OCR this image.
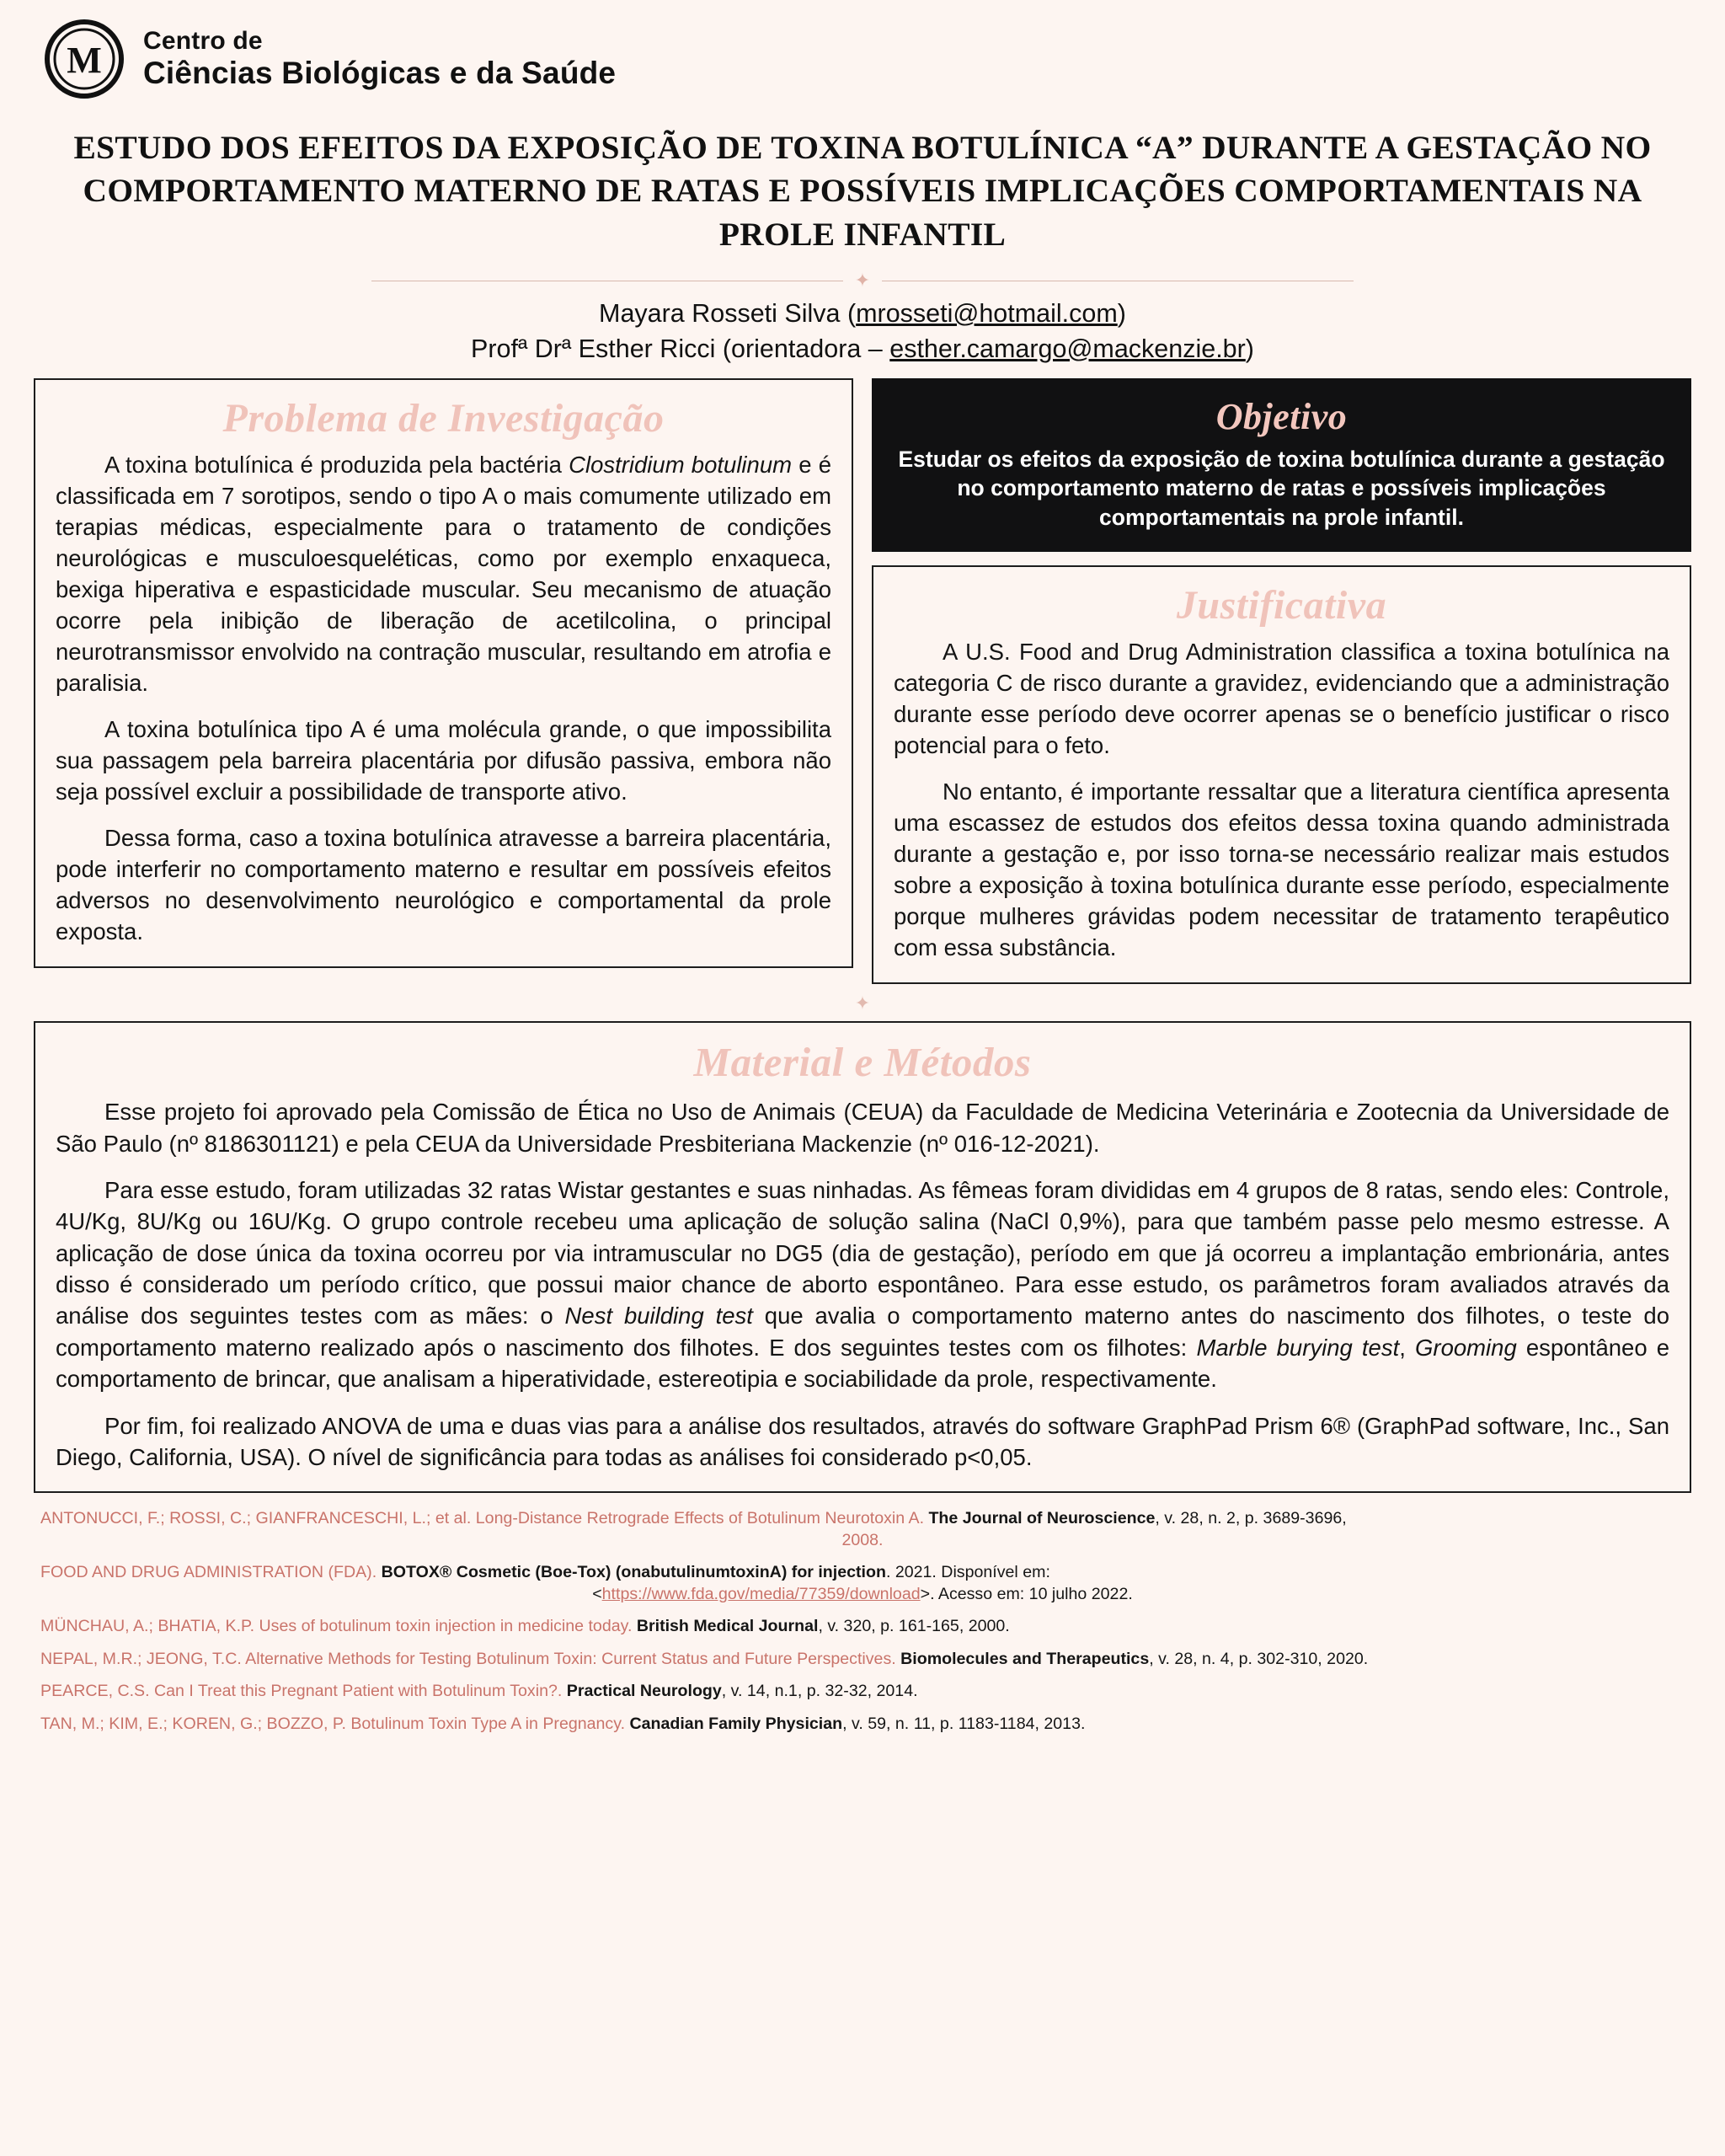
M Centro de
Ciências Biológicas e da Saúde
ESTUDO DOS EFEITOS DA EXPOSIÇÃO DE TOXINA BOTULÍNICA “A” DURANTE A GESTAÇÃO NO COMPORTAMENTO MATERNO DE RATAS E POSSÍVEIS IMPLICAÇÕES COMPORTAMENTAIS NA PROLE INFANTIL
✦
Mayara Rosseti Silva (mrosseti@hotmail.com)
Profª Drª Esther Ricci (orientadora – esther.camargo@mackenzie.br)
Problema de Investigação

A toxina botulínica é produzida pela bactéria Clostridium botulinum e é classificada em 7 sorotipos, sendo o tipo A o mais comumente utilizado em terapias médicas, especialmente para o tratamento de condições neurológicas e musculoesqueléticas, como por exemplo enxaqueca, bexiga hiperativa e espasticidade muscular. Seu mecanismo de atuação ocorre pela inibição de liberação de acetilcolina, o principal neurotransmissor envolvido na contração muscular, resultando em atrofia e paralisia.

A toxina botulínica tipo A é uma molécula grande, o que impossibilita sua passagem pela barreira placentária por difusão passiva, embora não seja possível excluir a possibilidade de transporte ativo.

Dessa forma, caso a toxina botulínica atravesse a barreira placentária, pode interferir no comportamento materno e resultar em possíveis efeitos adversos no desenvolvimento neurológico e comportamental da prole exposta.

Objetivo

Estudar os efeitos da exposição de toxina botulínica durante a gestação no comportamento materno de ratas e possíveis implicações comportamentais na prole infantil.

Justificativa

A U.S. Food and Drug Administration classifica a toxina botulínica na categoria C de risco durante a gravidez, evidenciando que a administração durante esse período deve ocorrer apenas se o benefício justificar o risco potencial para o feto.

No entanto, é importante ressaltar que a literatura científica apresenta uma escassez de estudos dos efeitos dessa toxina quando administrada durante a gestação e, por isso torna-se necessário realizar mais estudos sobre a exposição à toxina botulínica durante esse período, especialmente porque mulheres grávidas podem necessitar de tratamento terapêutico com essa substância.

✦
Material e Métodos

Esse projeto foi aprovado pela Comissão de Ética no Uso de Animais (CEUA) da Faculdade de Medicina Veterinária e Zootecnia da Universidade de São Paulo (nº 8186301121) e pela CEUA da Universidade Presbiteriana Mackenzie (nº 016-12-2021).

Para esse estudo, foram utilizadas 32 ratas Wistar gestantes e suas ninhadas. As fêmeas foram divididas em 4 grupos de 8 ratas, sendo eles: Controle, 4U/Kg, 8U/Kg ou 16U/Kg. O grupo controle recebeu uma aplicação de solução salina (NaCl 0,9%), para que também passe pelo mesmo estresse. A aplicação de dose única da toxina ocorreu por via intramuscular no DG5 (dia de gestação), período em que já ocorreu a implantação embrionária, antes disso é considerado um período crítico, que possui maior chance de aborto espontâneo. Para esse estudo, os parâmetros foram avaliados através da análise dos seguintes testes com as mães: o Nest building test que avalia o comportamento materno antes do nascimento dos filhotes, o teste do comportamento materno realizado após o nascimento dos filhotes. E dos seguintes testes com os filhotes: Marble burying test, Grooming espontâneo e comportamento de brincar, que analisam a hiperatividade, estereotipia e sociabilidade da prole, respectivamente.

Por fim, foi realizado ANOVA de uma e duas vias para a análise dos resultados, através do software GraphPad Prism 6® (GraphPad software, Inc., San Diego, California, USA). O nível de significância para todas as análises foi considerado p<0,05.

ANTONUCCI, F.; ROSSI, C.; GIANFRANCESCHI, L.; et al. Long-Distance Retrograde Effects of Botulinum Neurotoxin A. The Journal of Neuroscience, v. 28, n. 2, p. 3689-3696,
2008.
FOOD AND DRUG ADMINISTRATION (FDA). BOTOX® Cosmetic (Boe-Tox) (onabutulinumtoxinA) for injection. 2021. Disponível em:
<https://www.fda.gov/media/77359/download>. Acesso em: 10 julho 2022.
MÜNCHAU, A.; BHATIA, K.P. Uses of botulinum toxin injection in medicine today. British Medical Journal, v. 320, p. 161-165, 2000.
NEPAL, M.R.; JEONG, T.C. Alternative Methods for Testing Botulinum Toxin: Current Status and Future Perspectives. Biomolecules and Therapeutics, v. 28, n. 4, p. 302-310, 2020.
PEARCE, C.S. Can I Treat this Pregnant Patient with Botulinum Toxin?. Practical Neurology, v. 14, n.1, p. 32-32, 2014.
TAN, M.; KIM, E.; KOREN, G.; BOZZO, P. Botulinum Toxin Type A in Pregnancy. Canadian Family Physician, v. 59, n. 11, p. 1183-1184, 2013.
